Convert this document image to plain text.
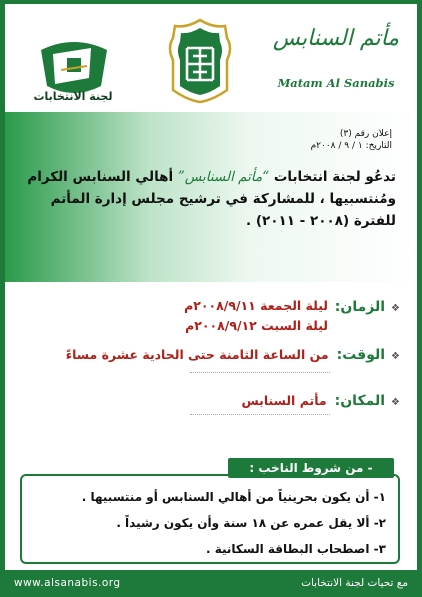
لجنة الانتخابات
مأتم السنابس
Matam Al Sanabis
إعلان رقم (٣)
التاريخ: ١ / ٩ / ٢٠٠٨م
تدعُو لجنة انتخابات “مأتم السنابس” أهالي السنابس الكرام ومُنتسبيها ، للمشاركة في ترشيح مجلس إدارة المأتم للفترة (٢٠٠٨ - ٢٠١١) .
❖الزمان:
ليلة الجمعة ٢٠٠٨/٩/١١م
ليلة السبت ٢٠٠٨/٩/١٢م
❖الوقت:من الساعة الثامنة حتى الحادية عشرة مساءً
❖المكان:مأتم السنابس
- من شروط الناخب :
١- أن يكون بحرينياً من أهالي السنابس أو منتسبيها .
٢- ألا يقل عمره عن ١٨ سنة وأن يكون رشيداً .
٣- اصطحاب البطاقة السكانية .
مع تحيات لجنة الانتخابات
www.alsanabis.org
